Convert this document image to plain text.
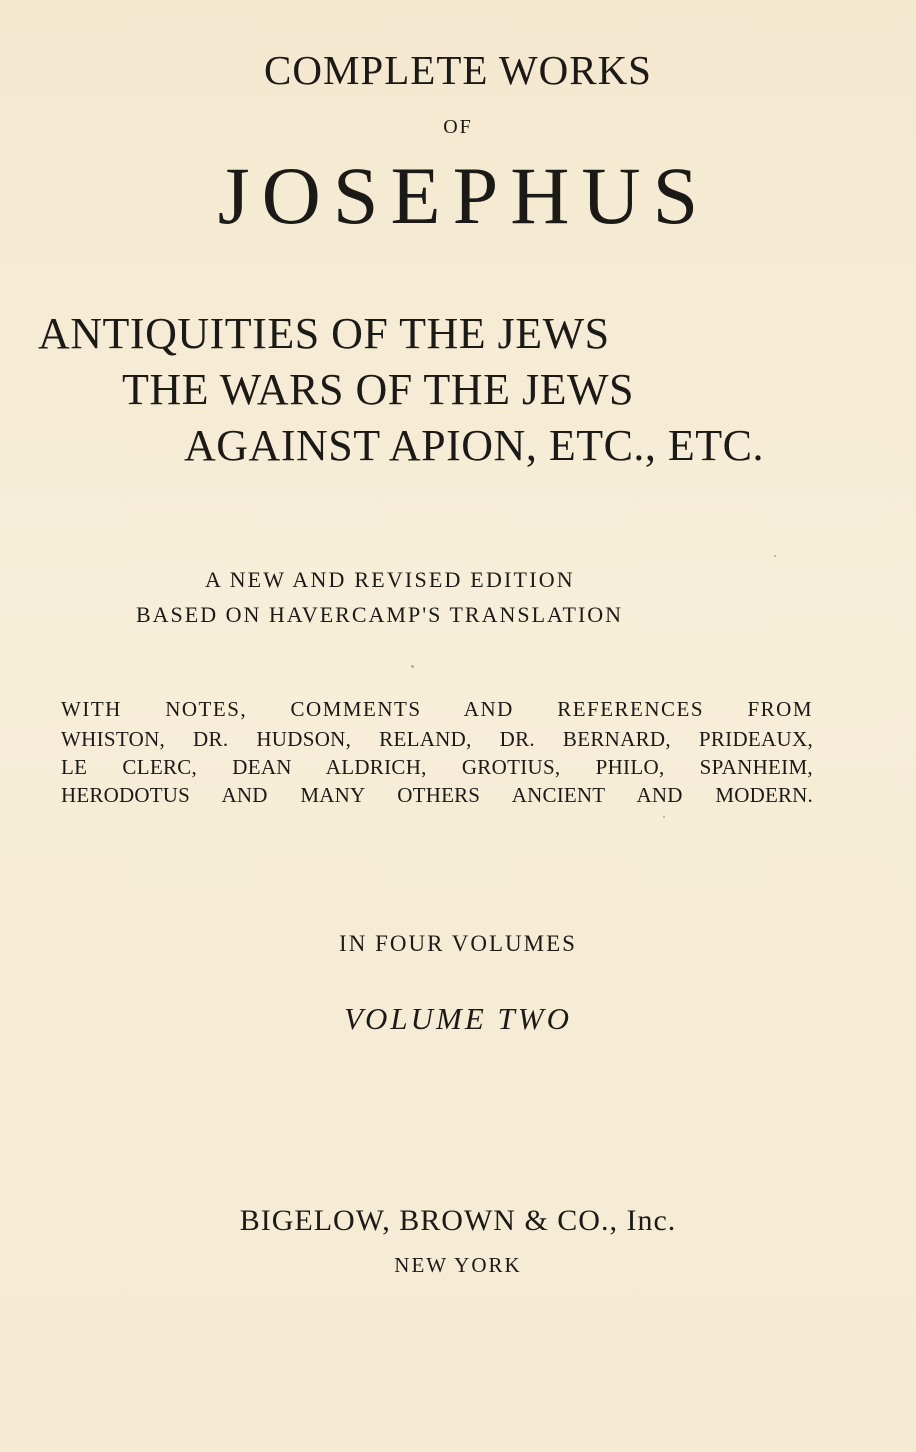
COMPLETE WORKS
OF
JOSEPHUS
ANTIQUITIES OF THE JEWS
THE WARS OF THE JEWS
AGAINST APION, ETC., ETC.
A NEW AND REVISED EDITION
BASED ON HAVERCAMP'S TRANSLATION
WITH NOTES, COMMENTS AND REFERENCES FROM
WHISTON, DR. HUDSON, RELAND, DR. BERNARD, PRIDEAUX,
LE CLERC, DEAN ALDRICH, GROTIUS, PHILO, SPANHEIM,
HERODOTUS AND MANY OTHERS ANCIENT AND MODERN.
IN FOUR VOLUMES
VOLUME TWO
BIGELOW, BROWN & CO., Inc.
NEW YORK
